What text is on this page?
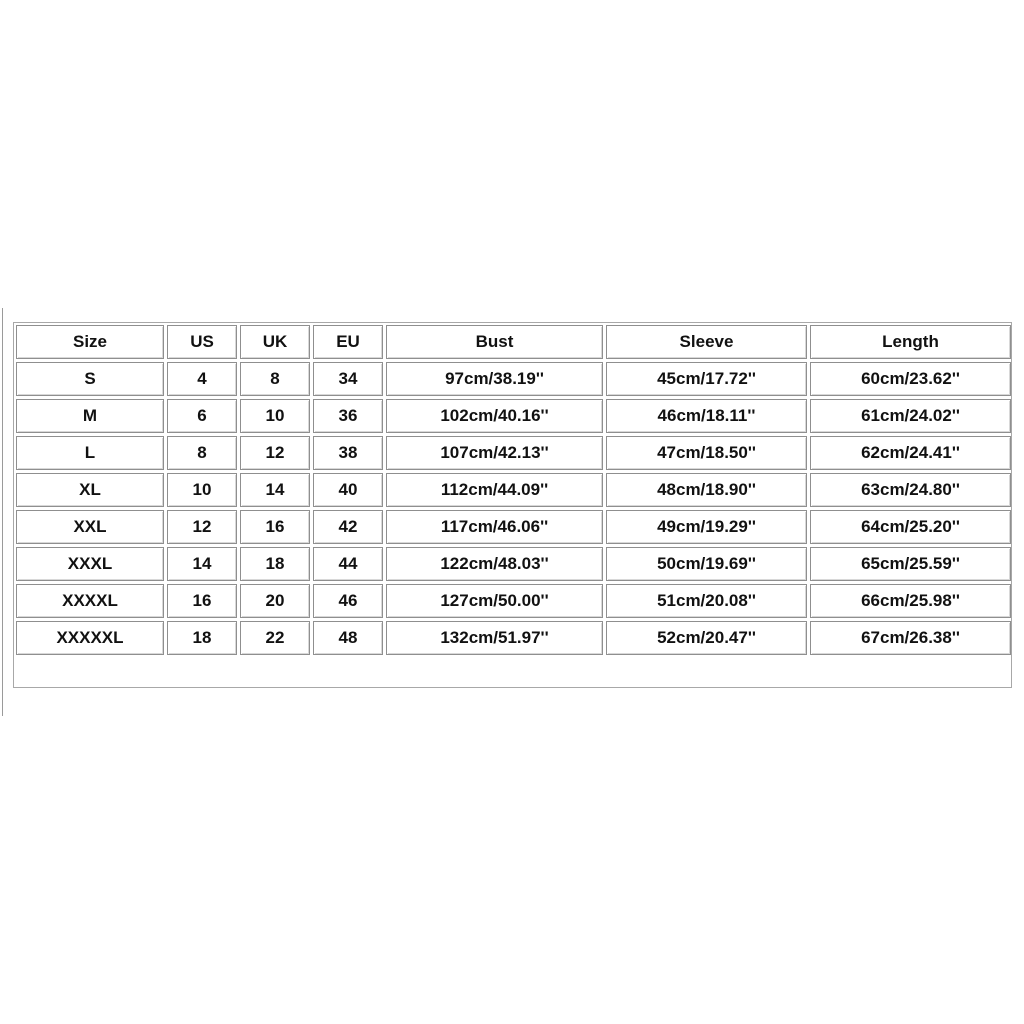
Size	US	UK	EU	Bust	Sleeve	Length
S	4	8	34	97cm/38.19''	45cm/17.72''	60cm/23.62''
M	6	10	36	102cm/40.16''	46cm/18.11''	61cm/24.02''
L	8	12	38	107cm/42.13''	47cm/18.50''	62cm/24.41''
XL	10	14	40	112cm/44.09''	48cm/18.90''	63cm/24.80''
XXL	12	16	42	117cm/46.06''	49cm/19.29''	64cm/25.20''
XXXL	14	18	44	122cm/48.03''	50cm/19.69''	65cm/25.59''
XXXXL	16	20	46	127cm/50.00''	51cm/20.08''	66cm/25.98''
XXXXXL	18	22	48	132cm/51.97''	52cm/20.47''	67cm/26.38''
